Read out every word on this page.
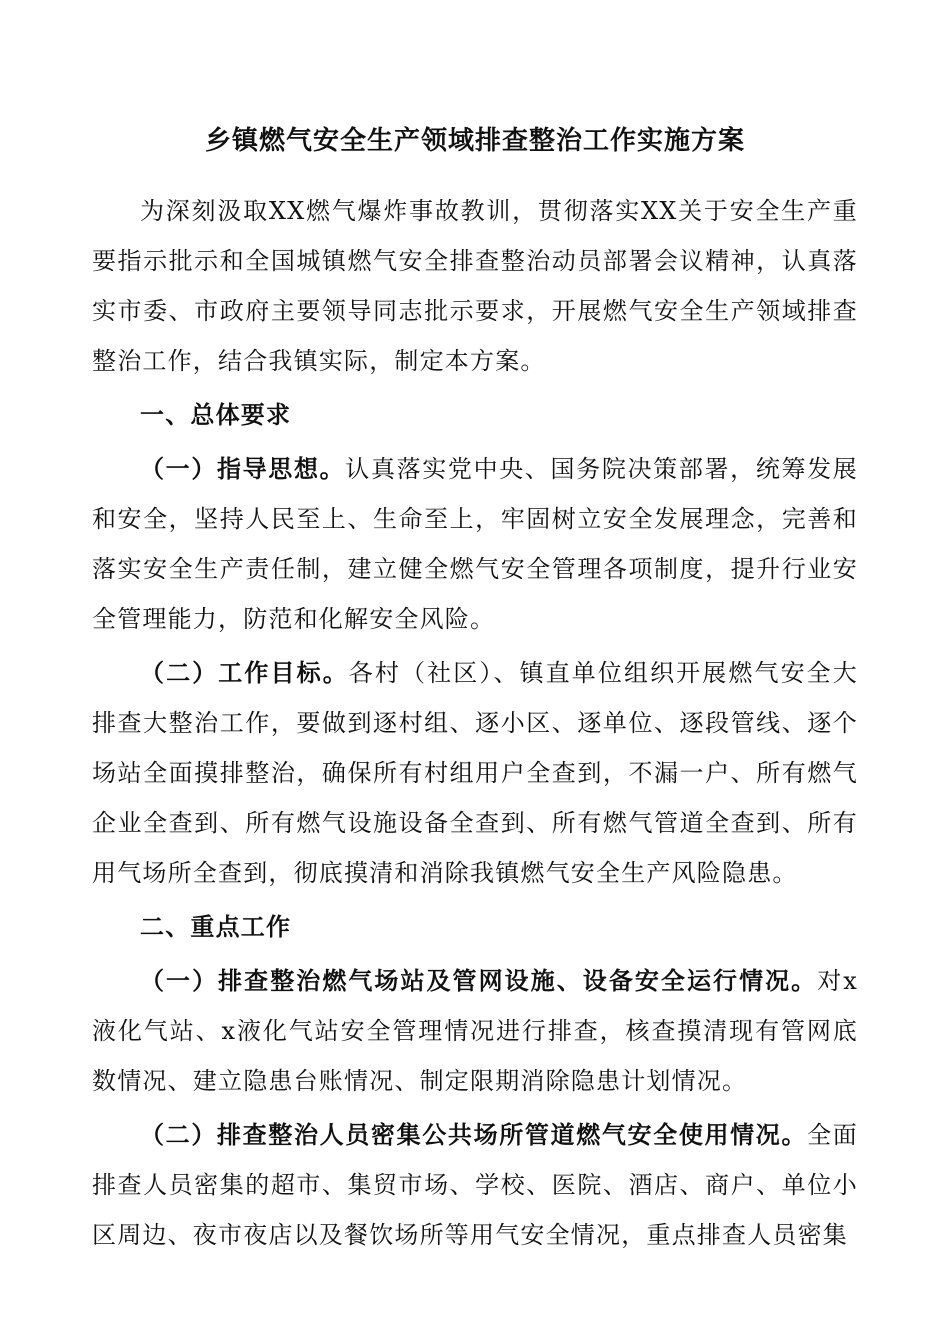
乡镇燃气安全生产领域排查整治工作实施方案

为深刻汲取XX燃气爆炸事故教训，贯彻落实XX关于安全生产重要指示批示和全国城镇燃气安全排查整治动员部署会议精神，认真落实市委、市政府主要领导同志批示要求，开展燃气安全生产领域排查整治工作，结合我镇实际，制定本方案。

一、总体要求

（一）指导思想。认真落实党中央、国务院决策部署，统筹发展和安全，坚持人民至上、生命至上，牢固树立安全发展理念，完善和落实安全生产责任制，建立健全燃气安全管理各项制度，提升行业安全管理能力，防范和化解安全风险。

（二）工作目标。各村（社区）、镇直单位组织开展燃气安全大排查大整治工作，要做到逐村组、逐小区、逐单位、逐段管线、逐个场站全面摸排整治，确保所有村组用户全查到，不漏一户、所有燃气企业全查到、所有燃气设施设备全查到、所有燃气管道全查到、所有用气场所全查到，彻底摸清和消除我镇燃气安全生产风险隐患。

二、重点工作

（一）排查整治燃气场站及管网设施、设备安全运行情况。对x液化气站、x液化气站安全管理情况进行排查，核查摸清现有管网底数情况、建立隐患台账情况、制定限期消除隐患计划情况。

（二）排查整治人员密集公共场所管道燃气安全使用情况。全面排查人员密集的超市、集贸市场、学校、医院、酒店、商户、单位小区周边、夜市夜店以及餐饮场所等用气安全情况，重点排查人员密集
